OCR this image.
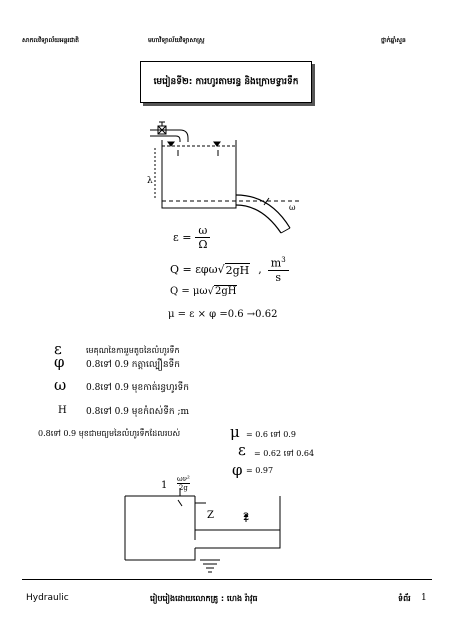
សាកលវិទ្យាល័យអន្តរជាតិ	មហាវិទ្យាល័យវិទ្យាសាស្ត្រ	ថ្នាក់ឆ្នាំសួន
មេរៀនទី២: ការហូរតាមរន្ធ និងក្រោមទ្វារទឹក
λ
ω
$\varepsilon = \frac{\omega}{\Omega}$
Q = εφω √ 2gH , $\frac{m^3}{s}$
Q = μω √ 2gH
μ = ε × φ =0.6 →0.62
ε	មេគុណនៃការរួមតូចនៃលំហូរទឹក
φ 0.8ទៅ 0.9 កត្តាល្បឿនទឹក
ω 0.8ទៅ 0.9 មុខកាត់រន្ធហូរទឹក
H 0.8ទៅ 0.9 មុខកំពស់ទឹក ;m
0.8ទៅ 0.9 មុខជាមធ្យមនៃលំហូរទឹកដែលរបស់	μ = 0.6 ទៅ 0.9
ε = 0.62 ទៅ 0.64
φ = 0.97
$1 \frac{\text{ων²}}{2g}$
Z	2
Hydraulic	រៀបរៀងដោយលោកគ្រូ : ហេង រ៉ាវុធ	ទំព័រ 1
